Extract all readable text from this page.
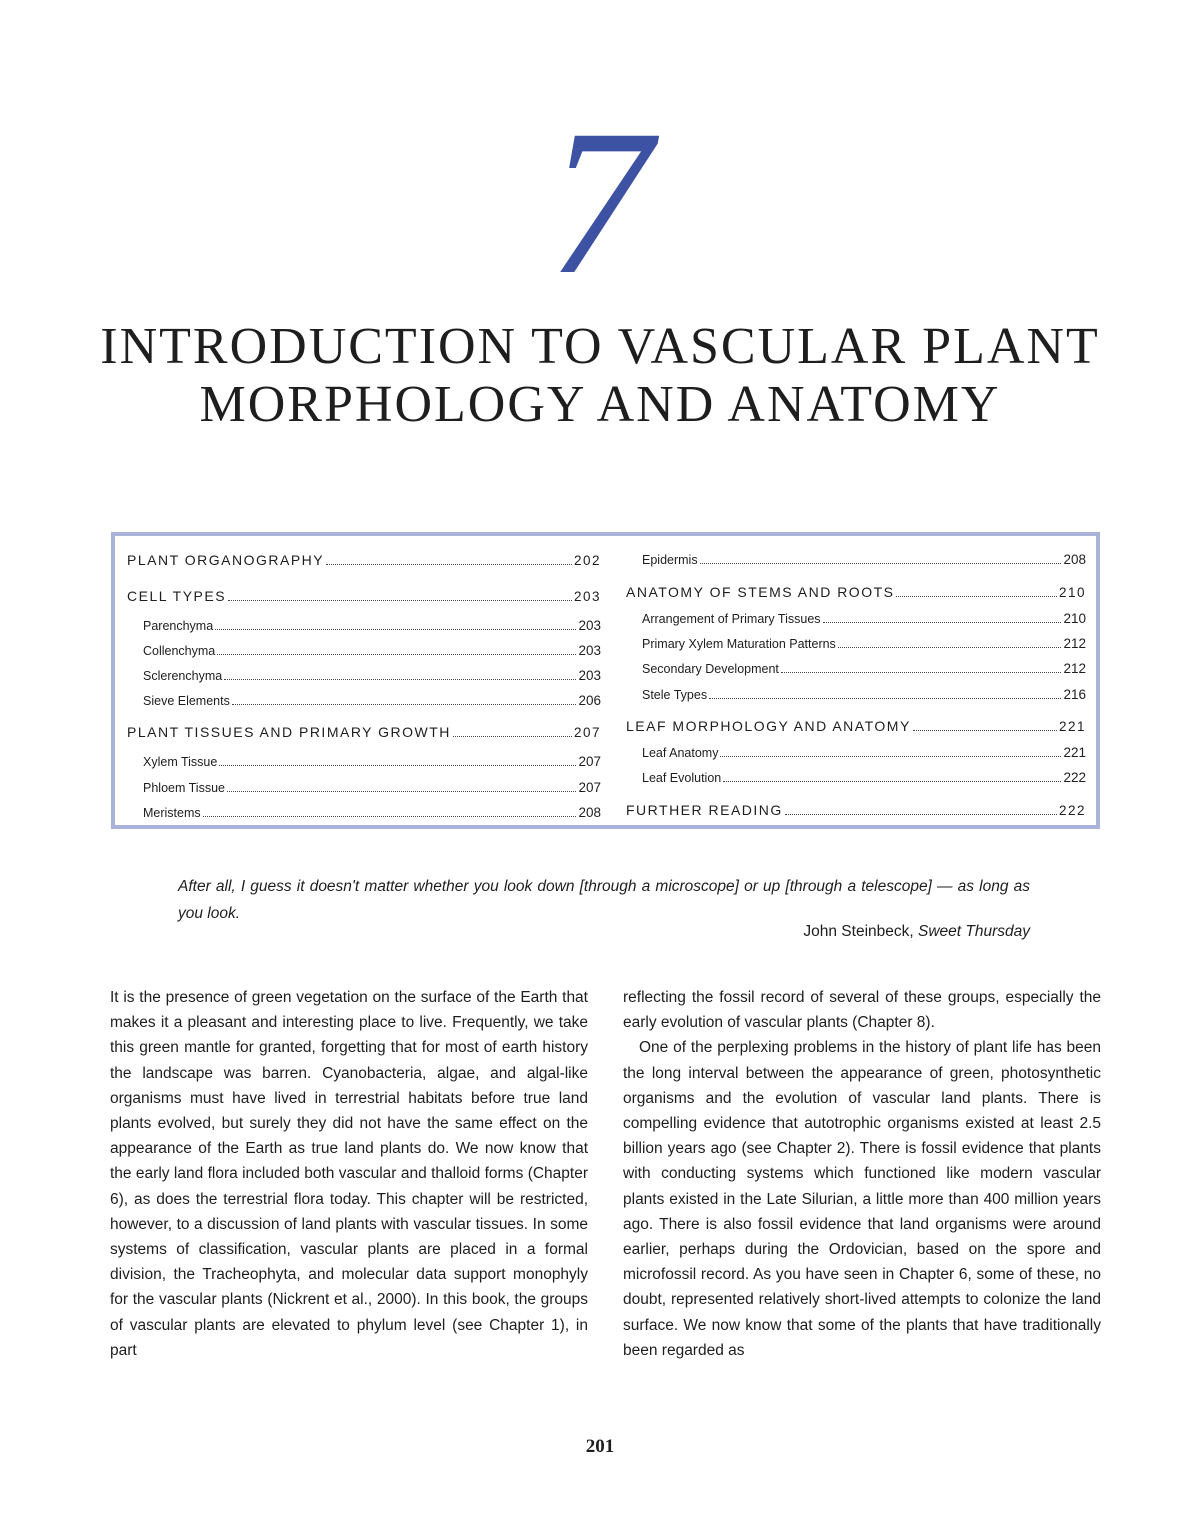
7
INTRODUCTION TO VASCULAR PLANT MORPHOLOGY AND ANATOMY
PLANT ORGANOGRAPHY	202
CELL TYPES	203
Parenchyma	203
Collenchyma	203
Sclerenchyma	203
Sieve Elements	206
PLANT TISSUES AND PRIMARY GROWTH	207
Xylem Tissue	207
Phloem Tissue	207
Meristems	208
Epidermis	208
ANATOMY OF STEMS AND ROOTS	210
Arrangement of Primary Tissues	210
Primary Xylem Maturation Patterns	212
Secondary Development	212
Stele Types	216
LEAF MORPHOLOGY AND ANATOMY	221
Leaf Anatomy	221
Leaf Evolution	222
FURTHER READING	222
After all, I guess it doesn't matter whether you look down [through a microscope] or up [through a telescope] — as long as you look.
John Steinbeck, Sweet Thursday

It is the presence of green vegetation on the surface of the Earth that makes it a pleasant and interesting place to live. Frequently, we take this green mantle for granted, forgetting that for most of earth history the landscape was barren. Cyanobacteria, algae, and algal-like organisms must have lived in terrestrial habitats before true land plants evolved, but surely they did not have the same effect on the appearance of the Earth as true land plants do. We now know that the early land flora included both vascular and thalloid forms (Chapter 6), as does the terrestrial flora today. This chapter will be restricted, however, to a discussion of land plants with vascular tissues. In some systems of classification, vascular plants are placed in a formal division, the Tracheophyta, and molecular data support monophyly for the vascular plants (Nickrent et al., 2000). In this book, the groups of vascular plants are elevated to phylum level (see Chapter 1), in part

reflecting the fossil record of several of these groups, especially the early evolution of vascular plants (Chapter 8).

One of the perplexing problems in the history of plant life has been the long interval between the appearance of green, photosynthetic organisms and the evolution of vascular land plants. There is compelling evidence that autotrophic organisms existed at least 2.5 billion years ago (see Chapter 2). There is fossil evidence that plants with conducting systems which functioned like modern vascular plants existed in the Late Silurian, a little more than 400 million years ago. There is also fossil evidence that land organisms were around earlier, perhaps during the Ordovician, based on the spore and microfossil record. As you have seen in Chapter 6, some of these, no doubt, represented relatively short-lived attempts to colonize the land surface. We now know that some of the plants that have traditionally been regarded as

201
